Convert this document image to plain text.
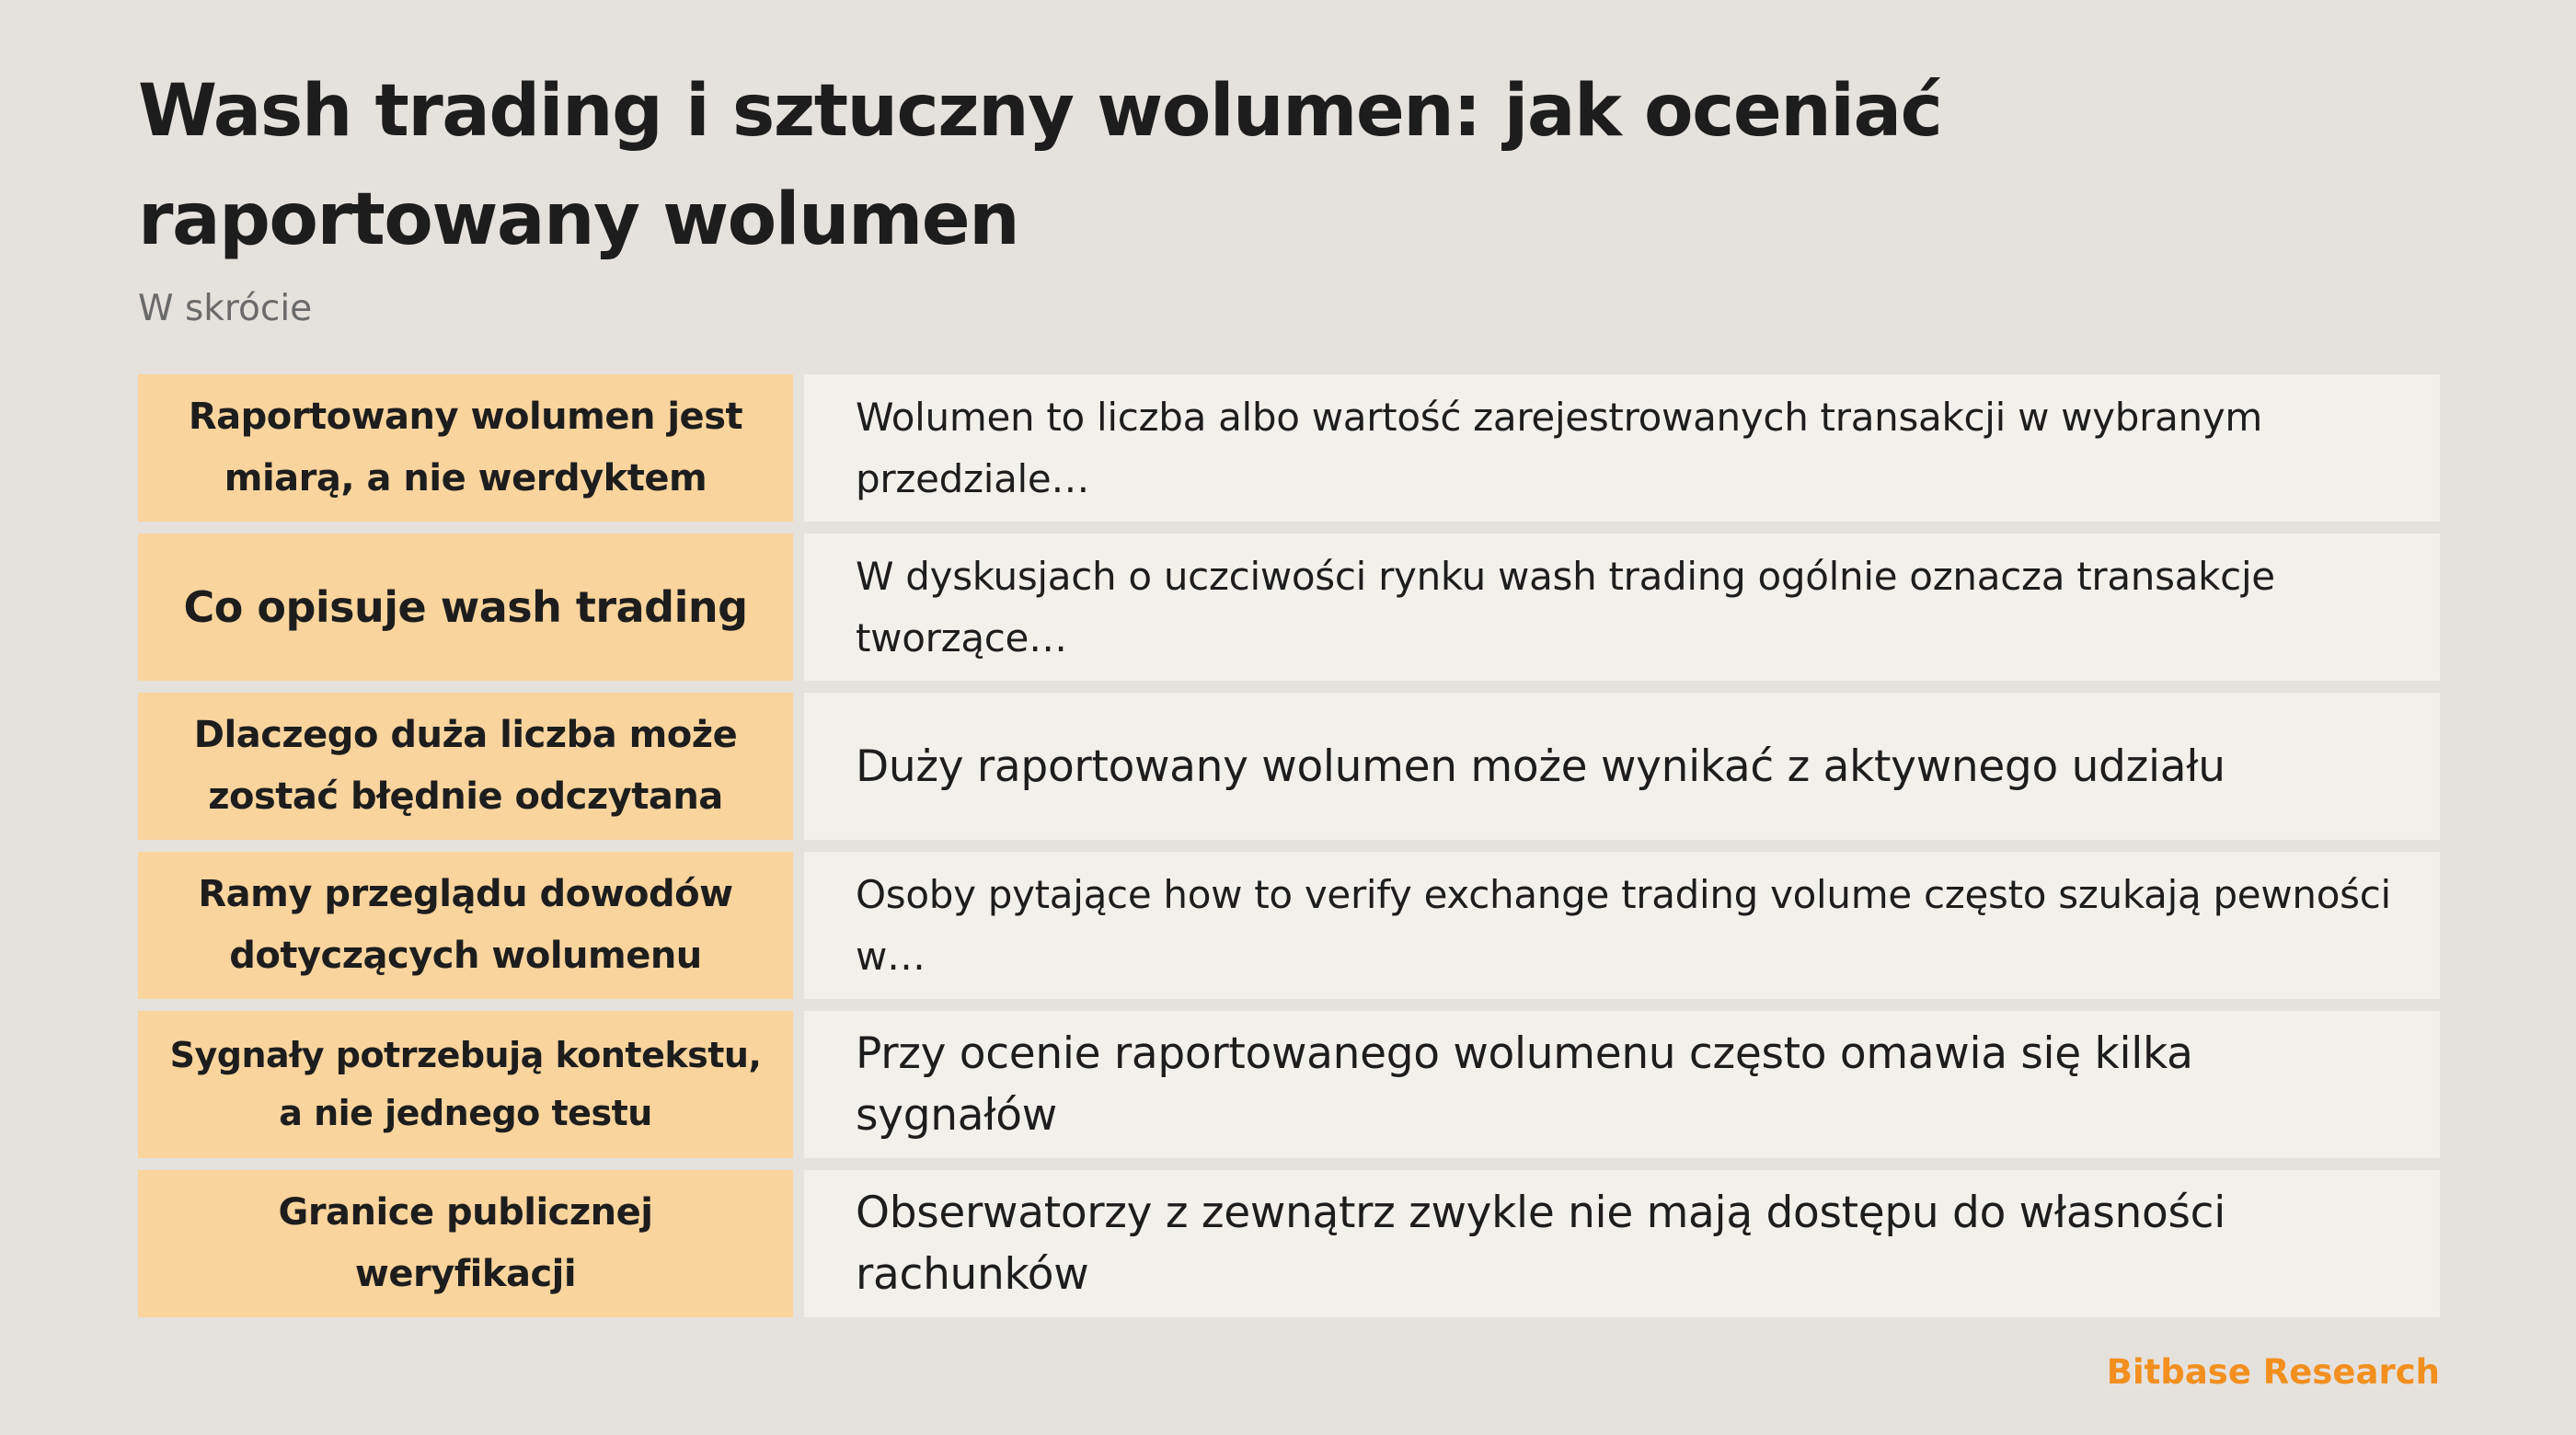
Wash trading i sztuczny wolumen: jak oceniać raportowany wolumen
W skrócie
Raportowany wolumen jest miarą, a nie werdyktem
Wolumen to liczba albo wartość zarejestrowanych transakcji w wybranym przedziale…
Co opisuje wash trading
W dyskusjach o uczciwości rynku wash trading ogólnie oznacza transakcje tworzące…
Dlaczego duża liczba może zostać błędnie odczytana
Duży raportowany wolumen może wynikać z aktywnego udziału
Ramy przeglądu dowodów dotyczących wolumenu
Osoby pytające how to verify exchange trading volume często szukają pewności w…
Sygnały potrzebują kontekstu, a nie jednego testu
Przy ocenie raportowanego wolumenu często omawia się kilka sygnałów
Granice publicznej weryfikacji
Obserwatorzy z zewnątrz zwykle nie mają dostępu do własności rachunków
Bitbase Research
